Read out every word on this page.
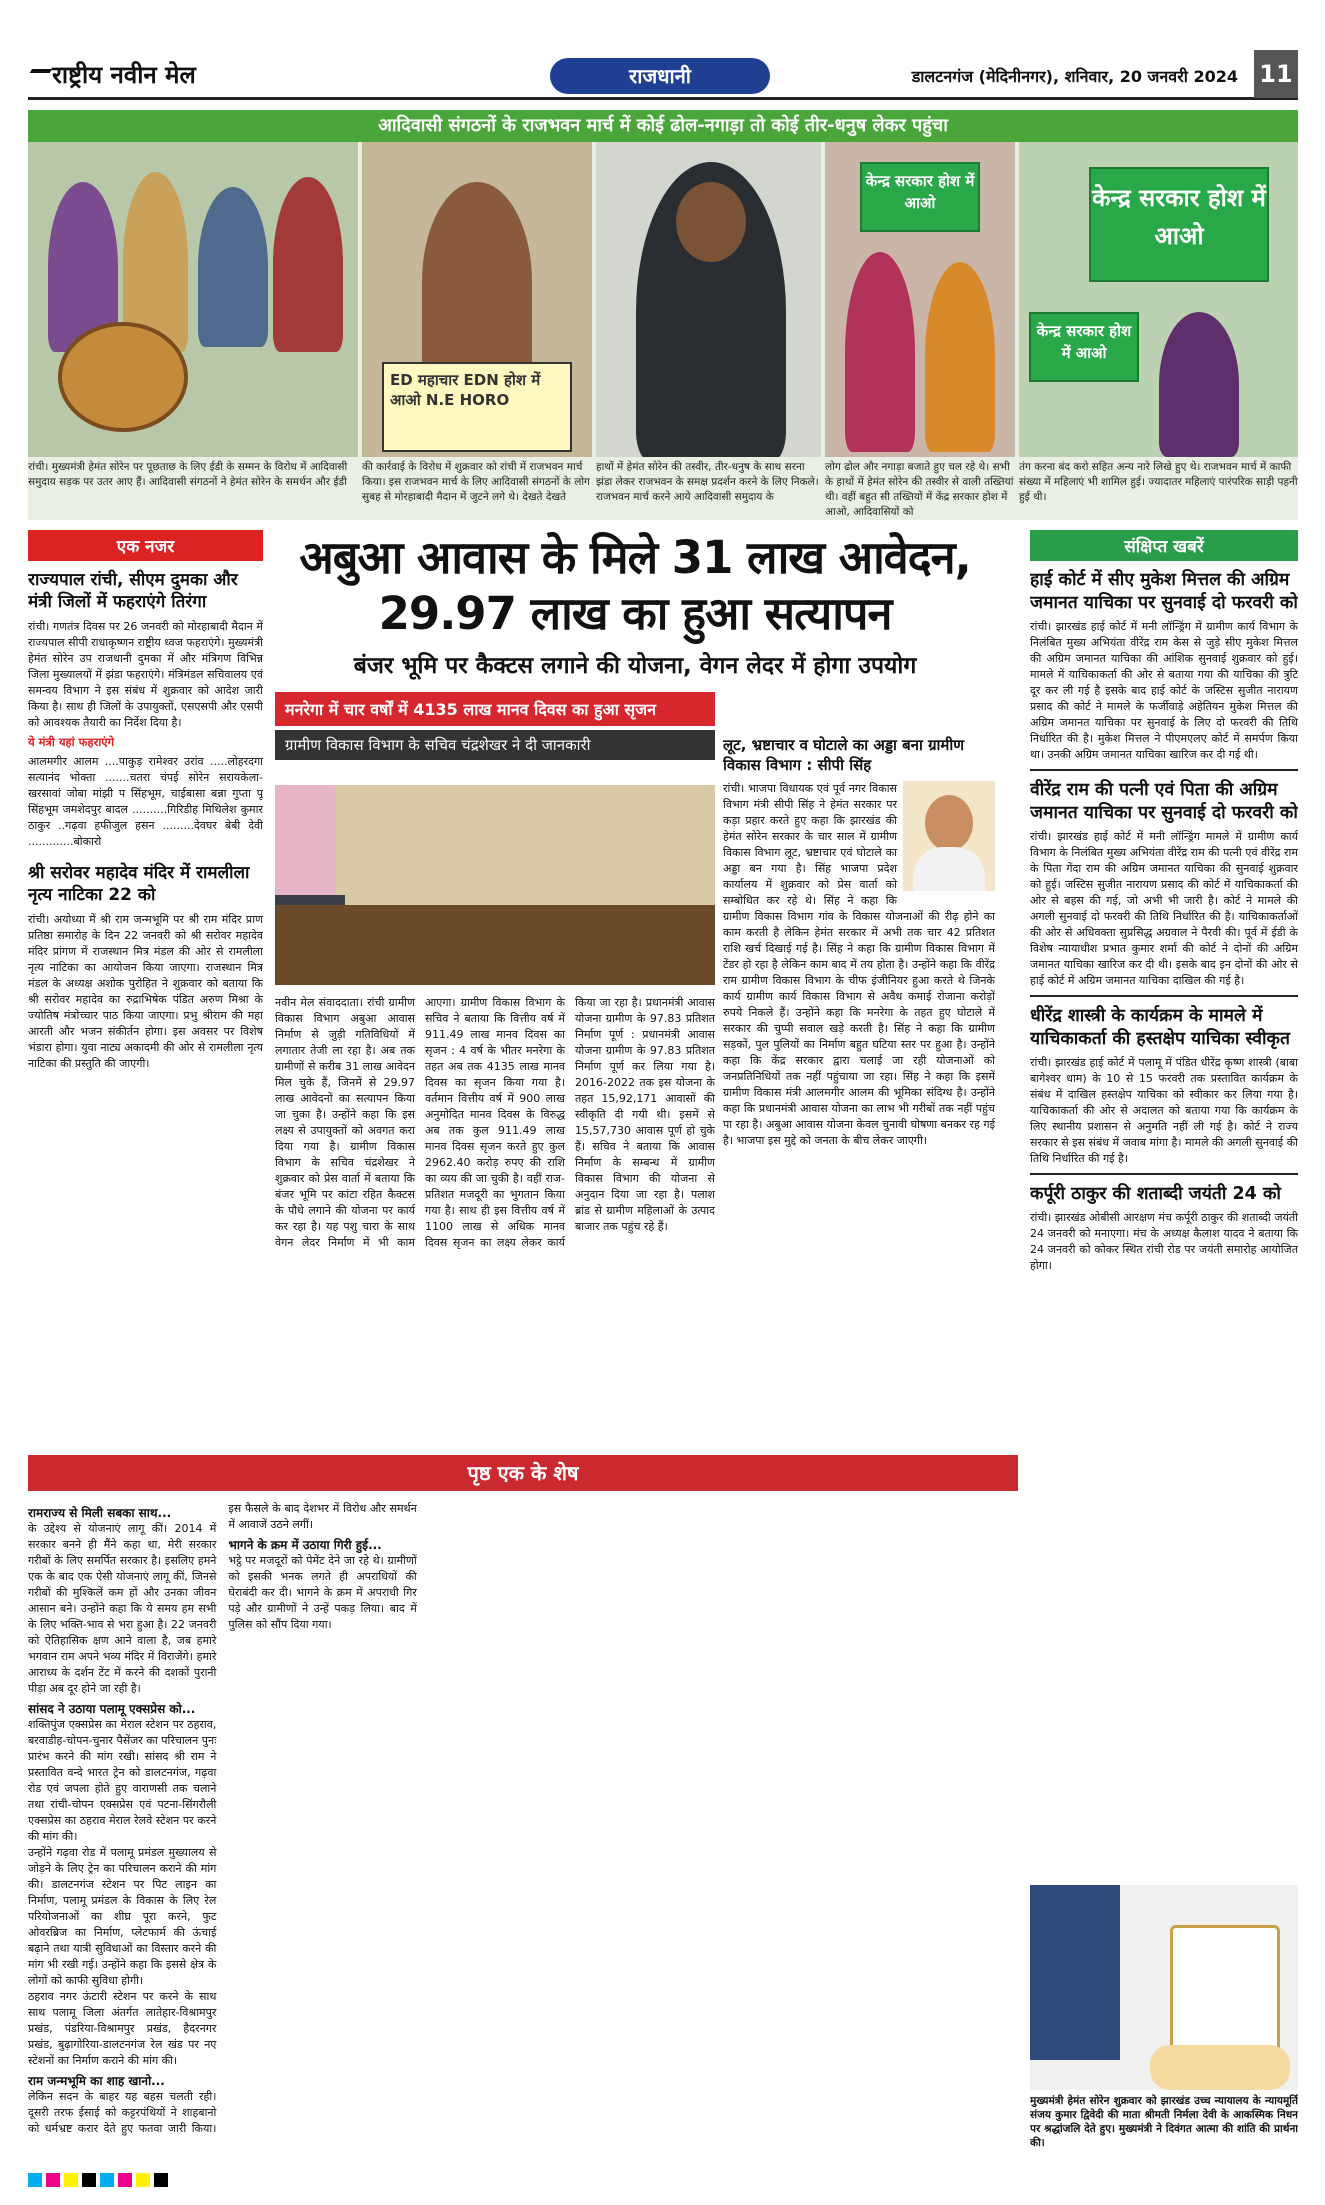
राष्ट्रीय नवीन मेल	राजधानी	डालटनगंज (मेदिनीनगर), शनिवार, 20 जनवरी 2024 11
आदिवासी संगठनों के राजभवन मार्च में कोई ढोल-नगाड़ा तो कोई तीर-धनुष लेकर पहुंचा
ED महाचार EDN होश में आओ N.E HORO
केन्द्र सरकार होश में आओ	केन्द्र सरकार होश में आओ
केन्द्र सरकार होश में आओ
रांची। मुख्यमंत्री हेमंत सोरेन पर पूछताछ के लिए ईडी के सम्मन के विरोध में आदिवासी समुदाय सड़क पर उतर आए हैं। आदिवासी संगठनों ने हेमंत सोरेन के समर्थन और ईडी
की कार्रवाई के विरोध में शुक्रवार को रांची में राजभवन मार्च किया। इस राजभवन मार्च के लिए आदिवासी संगठनों के लोग सुबह से मोरहाबादी मैदान में जुटने लगे थे। देखते देखते
हाथों में हेमंत सोरेन की तस्वीर, तीर-धनुष के साथ सरना झंडा लेकर राजभवन के समक्ष प्रदर्शन करने के लिए निकले। राजभवन मार्च करने आये आदिवासी समुदाय के
लोग ढोल और नगाड़ा बजाते हुए चल रहे थे। सभी के हाथों में हेमंत सोरेन की तस्वीर से वाली तख्तियां थी। वहीं बहुत सी तख्तियों में केंद्र सरकार होश में आओ, आदिवासियों को
तंग करना बंद करो सहित अन्य नारे लिखे हुए थे। राजभवन मार्च में काफी संख्या में महिलाएं भी शामिल हुई। ज्यादातर महिलाएं पारंपरिक साड़ी पहनी हुई थी।
एक नजर
राज्यपाल रांची, सीएम दुमका और मंत्री जिलों में फहराएंगे तिरंगा
रांची। गणतंत्र दिवस पर 26 जनवरी को मोरहाबादी मैदान में राज्यपाल सीपी राधाकृष्णन राष्ट्रीय ध्वज फहराएंगे। मुख्यमंत्री हेमंत सोरेन उप राजधानी दुमका में और मंत्रिगण विभिन्न जिला मुख्यालयों में झंडा फहराएंगे। मंत्रिमंडल सचिवालय एवं समन्वय विभाग ने इस संबंध में शुक्रवार को आदेश जारी किया है। साथ ही जिलों के उपायुक्तों, एसएसपी और एसपी को आवश्यक तैयारी का निर्देश दिया है।
ये मंत्री यहां फहराएंगे
आलमगीर आलम ....पाकुड़ रामेश्वर उरांव .....लोहरदगा सत्यानंद भोक्ता .......चतरा चंपई सोरेन सरायकेला-खरसावां जोबा मांझी प सिंहभूम, चाईबासा बन्ना गुप्ता पू सिंहभूम जमशेदपुर बादल ..........गिरिडीह मिथिलेश कुमार ठाकुर ..गढ़वा हफीजुल हसन .........देवघर बेबी देवी .............बोकारो
श्री सरोवर महादेव मंदिर में रामलीला नृत्य नाटिका 22 को
रांची। अयोध्या में श्री राम जन्मभूमि पर श्री राम मंदिर प्राण प्रतिष्ठा समारोह के दिन 22 जनवरी को श्री सरोवर महादेव मंदिर प्रांगण में राजस्थान मित्र मंडल की ओर से रामलीला नृत्य नाटिका का आयोजन किया जाएगा। राजस्थान मित्र मंडल के अध्यक्ष अशोक पुरोहित ने शुक्रवार को बताया कि श्री सरोवर महादेव का रुद्राभिषेक पंडित अरुण मिश्रा के ज्योतिष मंत्रोच्चार पाठ किया जाएगा। प्रभु श्रीराम की महा आरती और भजन संकीर्तन होगा। इस अवसर पर विशेष भंडारा होगा। युवा नाट्य अकादमी की ओर से रामलीला नृत्य नाटिका की प्रस्तुति की जाएगी।
अबुआ आवास के मिले 31 लाख आवेदन, 29.97 लाख का हुआ सत्यापन
बंजर भूमि पर कैक्टस लगाने की योजना, वेगन लेदर में होगा उपयोग
मनरेगा में चार वर्षों में 4135 लाख मानव दिवस का हुआ सृजन
ग्रामीण विकास विभाग के सचिव चंद्रशेखर ने दी जानकारी
नवीन मेल संवाददाता। रांची ग्रामीण विकास विभाग अबुआ आवास निर्माण से जुड़ी गतिविधियों में लगातार तेजी ला रहा है। अब तक ग्रामीणों से करीब 31 लाख आवेदन मिल चुके हैं, जिनमें से 29.97 लाख आवेदनों का सत्यापन किया जा चुका है। उन्होंने कहा कि इस लक्ष्य से उपायुक्तों को अवगत करा दिया गया है। ग्रामीण विकास विभाग के सचिव चंद्रशेखर ने शुक्रवार को प्रेस वार्ता में बताया कि बंजर भूमि पर कांटा रहित कैक्टस के पौधे लगाने की योजना पर कार्य कर रहा है। यह पशु चारा के साथ वेगन लेदर निर्माण में भी काम आएगा। ग्रामीण विकास विभाग के सचिव ने बताया कि वित्तीय वर्ष में 911.49 लाख मानव दिवस का सृजन : 4 वर्ष के भीतर मनरेगा के तहत अब तक 4135 लाख मानव दिवस का सृजन किया गया है। वर्तमान वित्तीय वर्ष में 900 लाख अनुमोदित मानव दिवस के विरुद्ध अब तक कुल 911.49 लाख मानव दिवस सृजन करते हुए कुल 2962.40 करोड़ रुपए की राशि का व्यय की जा चुकी है। वहीं राज-प्रतिशत मजदूरी का भुगतान किया गया है। साथ ही इस वित्तीय वर्ष में 1100 लाख से अधिक मानव दिवस सृजन का लक्ष्य लेकर कार्य किया जा रहा है। प्रधानमंत्री आवास योजना ग्रामीण के 97.83 प्रतिशत निर्माण पूर्ण : प्रधानमंत्री आवास योजना ग्रामीण के 97.83 प्रतिशत निर्माण पूर्ण कर लिया गया है। 2016-2022 तक इस योजना के तहत 15,92,171 आवासों की स्वीकृति दी गयी थी। इसमें से 15,57,730 आवास पूर्ण हो चुके हैं। सचिव ने बताया कि आवास निर्माण के सम्बन्ध में ग्रामीण विकास विभाग की योजना से अनुदान दिया जा रहा है। पलाश ब्रांड से ग्रामीण महिलाओं के उत्पाद बाजार तक पहुंच रहे हैं।
लूट, भ्रष्टाचार व घोटाले का अड्डा बना ग्रामीण विकास विभाग : सीपी सिंह
रांची। भाजपा विधायक एवं पूर्व नगर विकास विभाग मंत्री सीपी सिंह ने हेमंत सरकार पर कड़ा प्रहार करते हुए कहा कि झारखंड की हेमंत सोरेन सरकार के चार साल में ग्रामीण विकास विभाग लूट, भ्रष्टाचार एवं घोटाले का अड्डा बन गया है। सिंह भाजपा प्रदेश कार्यालय में शुक्रवार को प्रेस वार्ता को सम्बोधित कर रहे थे। सिंह ने कहा कि ग्रामीण विकास विभाग गांव के विकास योजनाओं की रीढ़ होने का काम करती है लेकिन हेमंत सरकार में अभी तक चार 42 प्रतिशत राशि खर्च दिखाई गई है। सिंह ने कहा कि ग्रामीण विकास विभाग में टेंडर हो रहा है लेकिन काम बाद में तय होता है। उन्होंने कहा कि वीरेंद्र राम ग्रामीण विकास विभाग के चीफ इंजीनियर हुआ करते थे जिनके कार्य ग्रामीण कार्य विकास विभाग से अवैध कमाई रोजाना करोड़ों रुपये निकले हैं। उन्होंने कहा कि मनरेगा के तहत हुए घोटाले में सरकार की चुप्पी सवाल खड़े करती है। सिंह ने कहा कि ग्रामीण सड़कों, पुल पुलियों का निर्माण बहुत घटिया स्तर पर हुआ है। उन्होंने कहा कि केंद्र सरकार द्वारा चलाई जा रही योजनाओं को जनप्रतिनिधियों तक नहीं पहुंचाया जा रहा। सिंह ने कहा कि इसमें ग्रामीण विकास मंत्री आलमगीर आलम की भूमिका संदिग्ध है। उन्होंने कहा कि प्रधानमंत्री आवास योजना का लाभ भी गरीबों तक नहीं पहुंच पा रहा है। अबुआ आवास योजना केवल चुनावी घोषणा बनकर रह गई है। भाजपा इस मुद्दे को जनता के बीच लेकर जाएगी।
संक्षिप्त खबरें
हाई कोर्ट में सीए मुकेश मित्तल की अग्रिम जमानत याचिका पर सुनवाई दो फरवरी को
रांची। झारखंड हाई कोर्ट में मनी लॉन्ड्रिंग में ग्रामीण कार्य विभाग के निलंबित मुख्य अभियंता वीरेंद्र राम केस से जुड़े सीए मुकेश मित्तल की अग्रिम जमानत याचिका की आंशिक सुनवाई शुक्रवार को हुई। मामले में याचिकाकर्ता की ओर से बताया गया की याचिका की त्रुटि दूर कर ली गई है इसके बाद हाई कोर्ट के जस्टिस सुजीत नारायण प्रसाद की कोर्ट ने मामले के फर्जीवाड़े अहेतियन मुकेश मित्तल की अग्रिम जमानत याचिका पर सुनवाई के लिए दो फरवरी की तिथि निर्धारित की है। मुकेश मित्तल ने पीएमएलए कोर्ट में समर्पण किया था। उनकी अग्रिम जमानत याचिका खारिज कर दी गई थी।
वीरेंद्र राम की पत्नी एवं पिता की अग्रिम जमानत याचिका पर सुनवाई दो फरवरी को
रांची। झारखंड हाई कोर्ट में मनी लॉन्ड्रिंग मामले में ग्रामीण कार्य विभाग के निलंबित मुख्य अभियंता वीरेंद्र राम की पत्नी एवं वीरेंद्र राम के पिता गेंदा राम की अग्रिम जमानत याचिका की सुनवाई शुक्रवार को हुई। जस्टिस सुजीत नारायण प्रसाद की कोर्ट में याचिकाकर्ता की ओर से बहस की गई, जो अभी भी जारी है। कोर्ट ने मामले की अगली सुनवाई दो फरवरी की तिथि निर्धारित की है। याचिकाकर्ताओं की ओर से अधिवक्ता सुप्रसिद्ध अग्रवाल ने पैरवी की। पूर्व में ईडी के विशेष न्यायाधीश प्रभात कुमार शर्मा की कोर्ट ने दोनों की अग्रिम जमानत याचिका खारिज कर दी थी। इसके बाद इन दोनों की ओर से हाई कोर्ट में अग्रिम जमानत याचिका दाखिल की गई है।
धीरेंद्र शास्त्री के कार्यक्रम के मामले में याचिकाकर्ता की हस्तक्षेप याचिका स्वीकृत
रांची। झारखंड हाई कोर्ट में पलामू में पंडित धीरेंद्र कृष्ण शास्त्री (बाबा बागेश्वर धाम) के 10 से 15 फरवरी तक प्रस्तावित कार्यक्रम के संबंध में दाखिल हस्तक्षेप याचिका को स्वीकार कर लिया गया है। याचिकाकर्ता की ओर से अदालत को बताया गया कि कार्यक्रम के लिए स्थानीय प्रशासन से अनुमति नहीं ली गई है। कोर्ट ने राज्य सरकार से इस संबंध में जवाब मांगा है। मामले की अगली सुनवाई की तिथि निर्धारित की गई है।
कर्पूरी ठाकुर की शताब्दी जयंती 24 को
रांची। झारखंड ओबीसी आरक्षण मंच कर्पूरी ठाकुर की शताब्दी जयंती 24 जनवरी को मनाएगा। मंच के अध्यक्ष कैलाश यादव ने बताया कि 24 जनवरी को कोकर स्थित रांची रोड पर जयंती समारोह आयोजित होगा।
मुख्यमंत्री हेमंत सोरेन शुक्रवार को झारखंड उच्च न्यायालय के न्यायमूर्ति संजय कुमार द्विवेदी की माता श्रीमती निर्मला देवी के आकस्मिक निधन पर श्रद्धांजलि देते हुए। मुख्यमंत्री ने दिवंगत आत्मा की शांति की प्रार्थना की।
पृष्ठ एक के शेष
रामराज्य से मिली सबका साथ...
के उद्देश्य से योजनाएं लागू कीं। 2014 में सरकार बनने ही मैंने कहा था, मेरी सरकार गरीबों के लिए समर्पित सरकार है। इसलिए हमने एक के बाद एक ऐसी योजनाएं लागू कीं, जिनसे गरीबों की मुश्किलें कम हों और उनका जीवन आसान बने। उन्होंने कहा कि ये समय हम सभी के लिए भक्ति-भाव से भरा हुआ है। 22 जनवरी को ऐतिहासिक क्षण आने वाला है, जब हमारे भगवान राम अपने भव्य मंदिर में विराजेंगे। हमारे आराध्य के दर्शन टेंट में करने की दशकों पुरानी पीड़ा अब दूर होने जा रही है।
सांसद ने उठाया पलामू एक्सप्रेस को...
शक्तिपुंज एक्सप्रेस का मेराल स्टेशन पर ठहराव, बरवाडीह-चोपन-चुनार पैसेंजर का परिचालन पुनः प्रारंभ करने की मांग रखी। सांसद श्री राम ने प्रस्तावित वन्दे भारत ट्रेन को डालटनगंज, गढ़वा रोड एवं जपला होते हुए वाराणसी तक चलाने तथा रांची-चोपन एक्सप्रेस एवं पटना-सिंगरौली एक्सप्रेस का ठहराव मेराल रेलवे स्टेशन पर करने की मांग की।
उन्होंने गढ़वा रोड में पलामू प्रमंडल मुख्यालय से जोड़ने के लिए ट्रेन का परिचालन कराने की मांग की। डालटनगंज स्टेशन पर पिट लाइन का निर्माण, पलामू प्रमंडल के विकास के लिए रेल परियोजनाओं का शीघ्र पूरा करने, फुट ओवरब्रिज का निर्माण, प्लेटफार्म की ऊंचाई बढ़ाने तथा यात्री सुविधाओं का विस्तार करने की मांग भी रखी गई। उन्होंने कहा कि इससे क्षेत्र के लोगों को काफी सुविधा होगी।
ठहराव नगर ऊंटारी स्टेशन पर करने के साथ साथ पलामू जिला अंतर्गत लातेहार-विश्रामपुर प्रखंड, पंडरिया-विश्रामपुर प्रखंड, हैदरनगर प्रखंड, बुढ़ागोरिया-डालटनगंज रेल खंड पर नए स्टेशनों का निर्माण कराने की मांग की।
राम जन्मभूमि का शाह खानो...
लेकिन सदन के बाहर यह बहस चलती रही। दूसरी तरफ ईसाई को कट्टरपंथियों ने शाहबानो को धर्मभ्रष्ट करार देते हुए फतवा जारी किया। इस फैसले के बाद देशभर में विरोध और समर्थन में आवाजें उठने लगीं।
भागने के क्रम में उठाया गिरी हुई...
भट्ठे पर मजदूरों को पेमेंट देने जा रहे थे। ग्रामीणों को इसकी भनक लगते ही अपराधियों की घेराबंदी कर दी। भागने के क्रम में अपराधी गिर पड़े और ग्रामीणों ने उन्हें पकड़ लिया। बाद में पुलिस को सौंप दिया गया।
